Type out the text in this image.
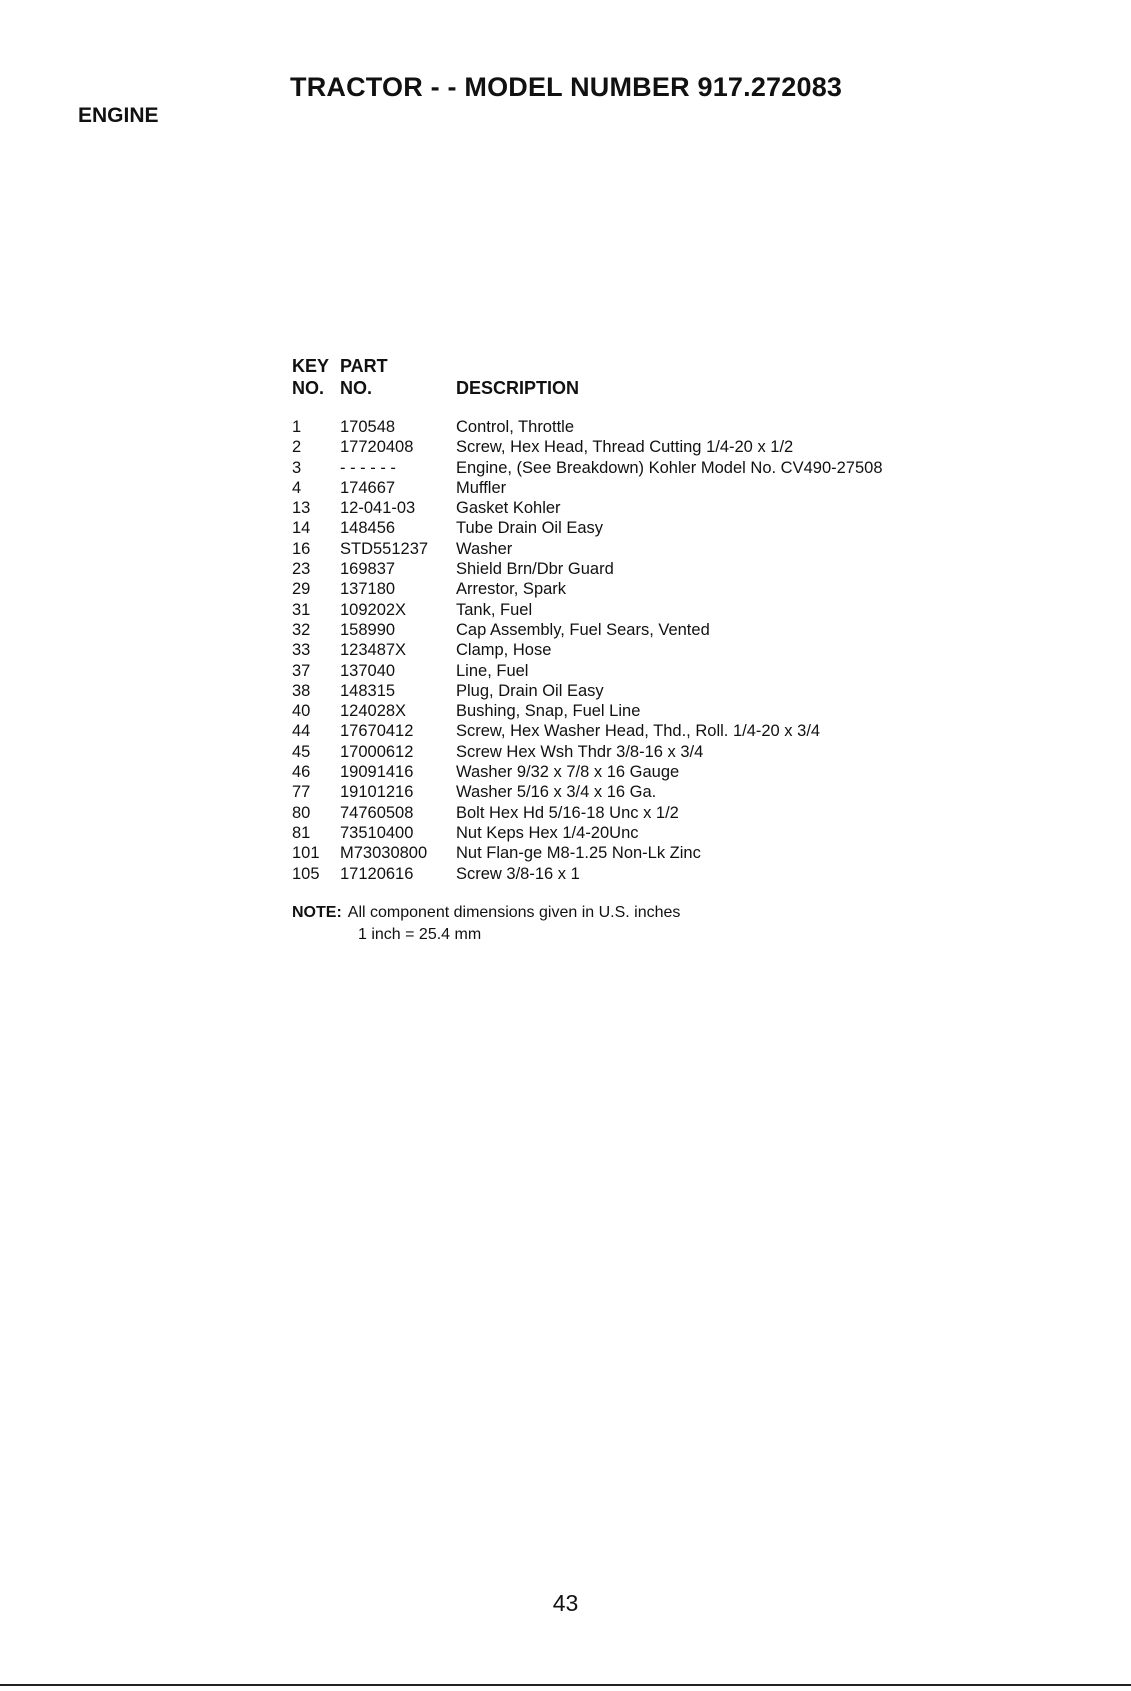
TRACTOR - - MODEL NUMBER 917.272083
ENGINE
KEY PART
NO. NO.	DESCRIPTION
1 170548	Control, Throttle
2 17720408	Screw, Hex Head, Thread Cutting 1/4-20 x 1/2
3 - - - - - -	Engine, (See Breakdown) Kohler Model No. CV490-27508
4 174667	Muffler
13 12-041-03 Gasket Kohler
14 148456	Tube Drain Oil Easy
16 STD551237 Washer
23 169837	Shield Brn/Dbr Guard
29 137180	Arrestor, Spark
31 109202X	Tank, Fuel
32 158990	Cap Assembly, Fuel Sears, Vented
33 123487X	Clamp, Hose
37 137040	Line, Fuel
38 148315	Plug, Drain Oil Easy
40 124028X	Bushing, Snap, Fuel Line
44 17670412	Screw, Hex Washer Head, Thd., Roll. 1/4-20 x 3/4
45 17000612	Screw Hex Wsh Thdr 3/8-16 x 3/4
46 19091416	Washer 9/32 x 7/8 x 16 Gauge
77 19101216	Washer 5/16 x 3/4 x 16 Ga.
80 74760508	Bolt Hex Hd 5/16-18 Unc x 1/2
81 73510400	Nut Keps Hex 1/4-20Unc
101 M73030800 Nut Flan-ge M8-1.25 Non-Lk Zinc
105 17120616	Screw 3/8-16 x 1
NOTE: All component dimensions given in U.S. inches
1 inch = 25.4 mm
43
